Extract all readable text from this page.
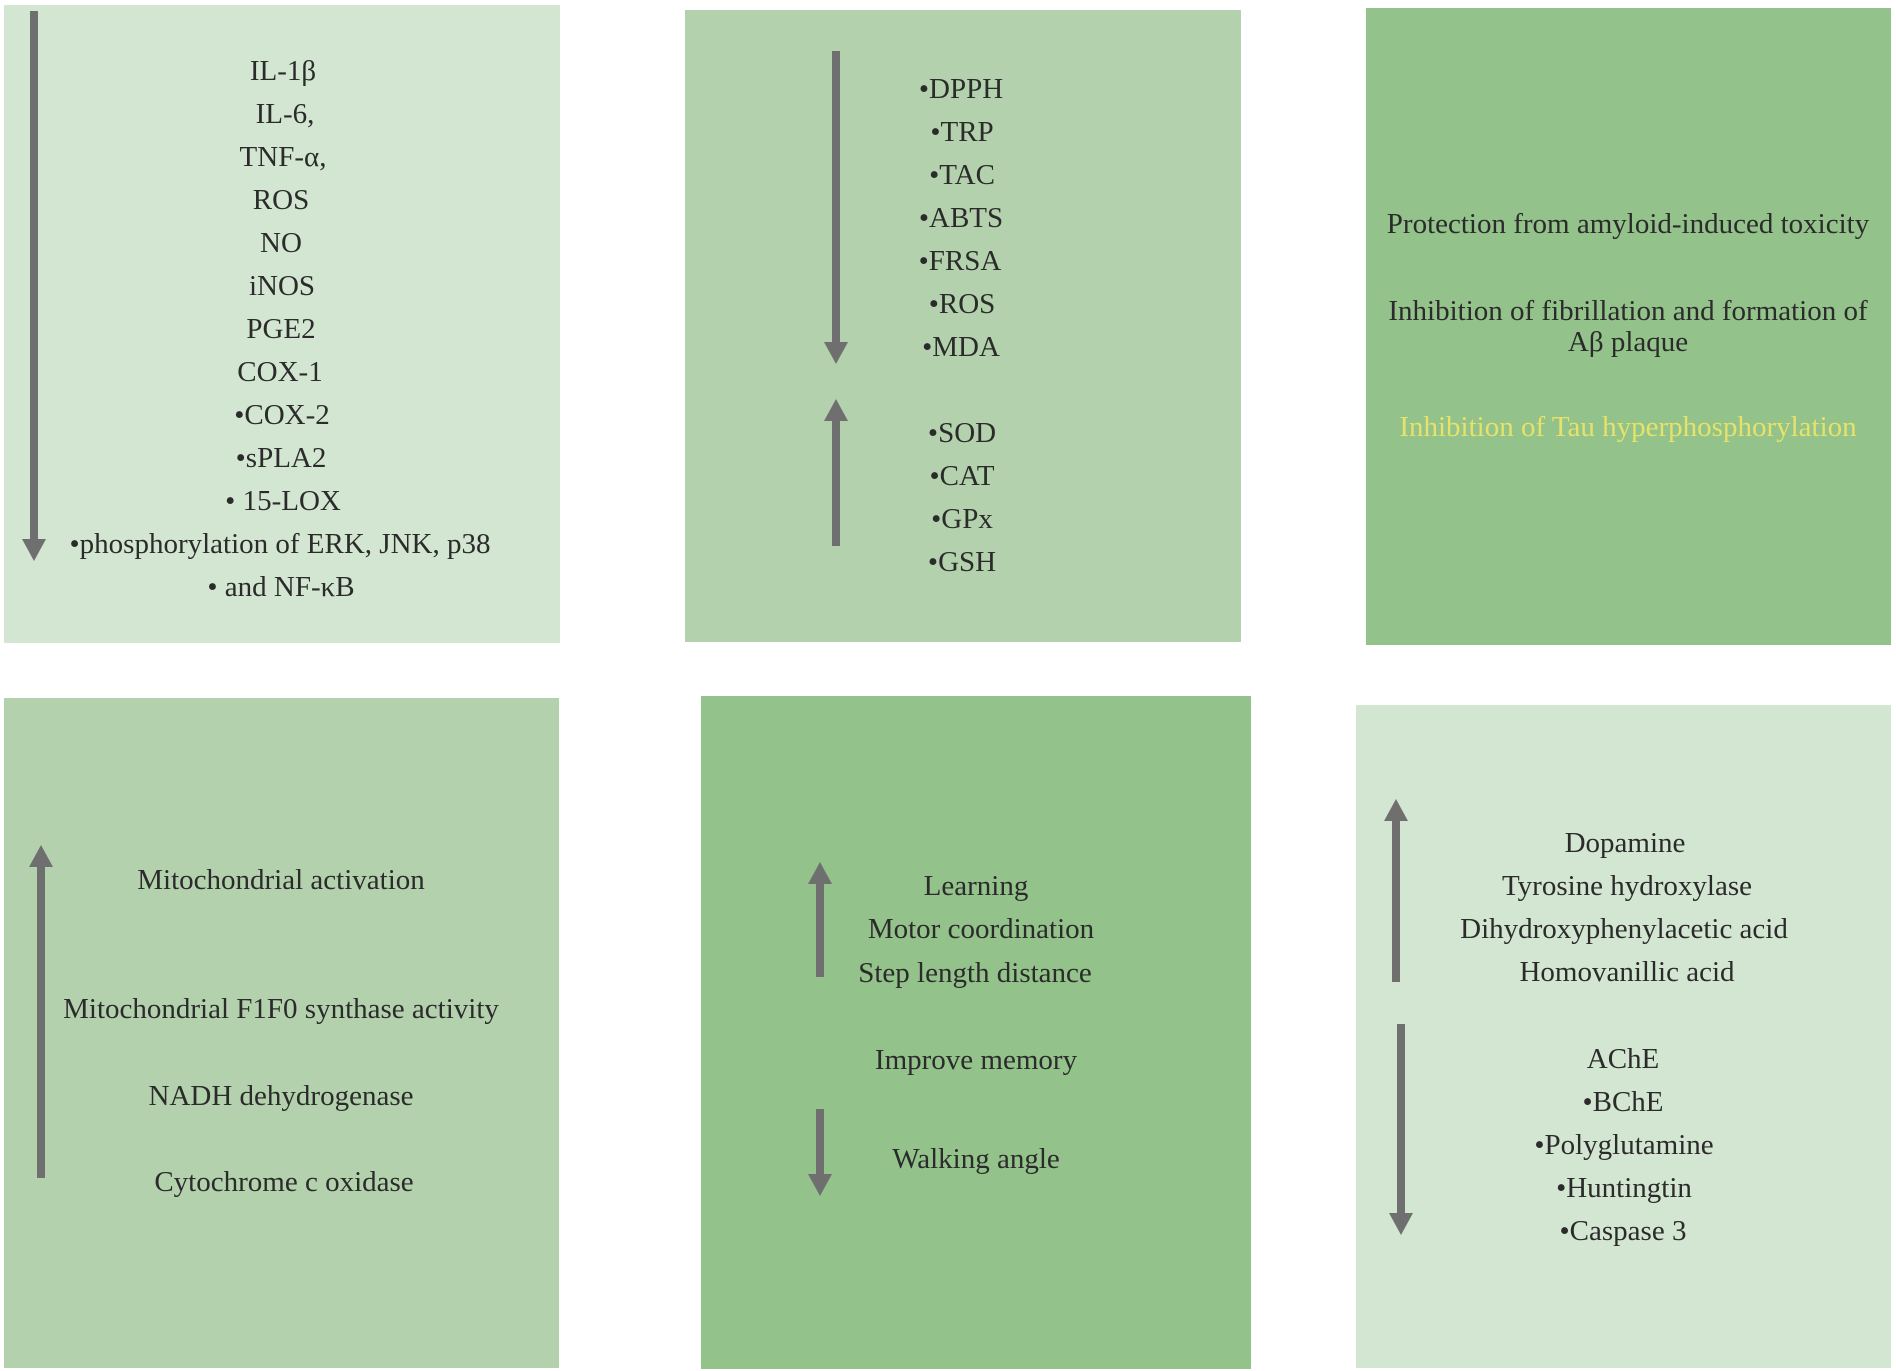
IL-1β
IL-6,
TNF-α,
ROS
NO
iNOS
PGE2
COX-1
•COX-2
•sPLA2
• 15-LOX
•phosphorylation of ERK, JNK, p38
• and NF-κB
•DPPH
•TRP
•TAC
•ABTS
•FRSA
•ROS
•MDA
•SOD
•CAT
•GPx
•GSH
Protection from amyloid-induced toxicity
Inhibition of fibrillation and formation of
Aβ plaque
Inhibition of Tau hyperphosphorylation
Mitochondrial activation
Mitochondrial F1F0 synthase activity
NADH dehydrogenase
Cytochrome c oxidase
Learning
Motor coordination
Step length distance
Improve memory
Walking angle
Dopamine
Tyrosine hydroxylase
Dihydroxyphenylacetic acid
Homovanillic acid
AChE
•BChE
•Polyglutamine
•Huntingtin
•Caspase 3
